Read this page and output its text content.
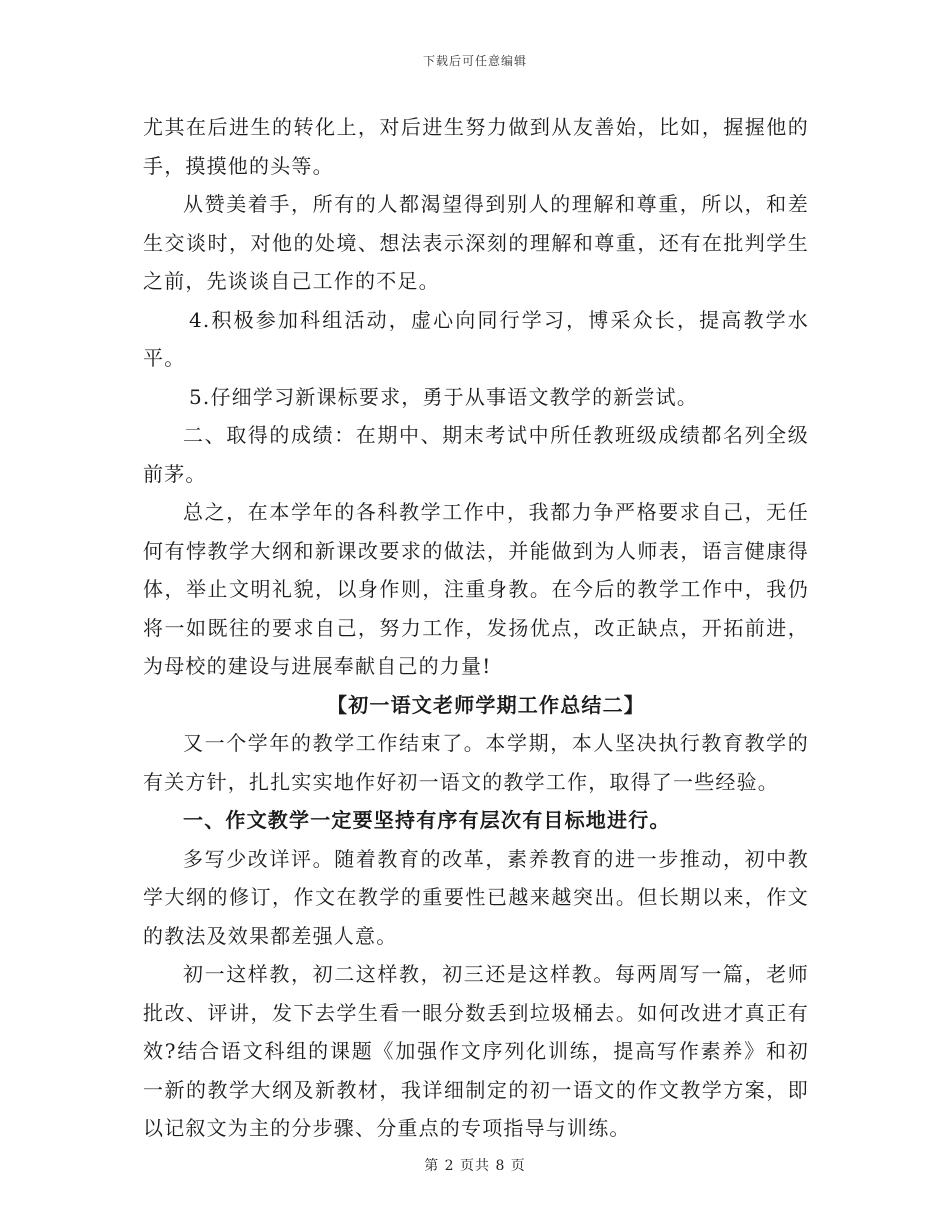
下载后可任意编辑

尤其在后进生的转化上，对后进生努力做到从友善始，比如，握握他的手，摸摸他的头等。

从赞美着手，所有的人都渴望得到别人的理解和尊重，所以，和差生交谈时，对他的处境、想法表示深刻的理解和尊重，还有在批判学生之前，先谈谈自己工作的不足。

4.积极参加科组活动，虚心向同行学习，博采众长，提高教学水平。

5.仔细学习新课标要求，勇于从事语文教学的新尝试。

二、取得的成绩：在期中、期末考试中所任教班级成绩都名列全级前茅。

总之，在本学年的各科教学工作中，我都力争严格要求自己，无任何有悖教学大纲和新课改要求的做法，并能做到为人师表，语言健康得体，举止文明礼貌，以身作则，注重身教。在今后的教学工作中，我仍将一如既往的要求自己，努力工作，发扬优点，改正缺点，开拓前进，为母校的建设与进展奉献自己的力量!

【初一语文老师学期工作总结二】

又一个学年的教学工作结束了。本学期，本人坚决执行教育教学的有关方针，扎扎实实地作好初一语文的教学工作，取得了一些经验。

一、作文教学一定要坚持有序有层次有目标地进行。

多写少改详评。随着教育的改革，素养教育的进一步推动，初中教学大纲的修订，作文在教学的重要性已越来越突出。但长期以来，作文的教法及效果都差强人意。

初一这样教，初二这样教，初三还是这样教。每两周写一篇，老师批改、评讲，发下去学生看一眼分数丢到垃圾桶去。如何改进才真正有效?结合语文科组的课题《加强作文序列化训练，提高写作素养》和初一新的教学大纲及新教材，我详细制定的初一语文的作文教学方案，即以记叙文为主的分步骤、分重点的专项指导与训练。

第 2 页共 8 页
